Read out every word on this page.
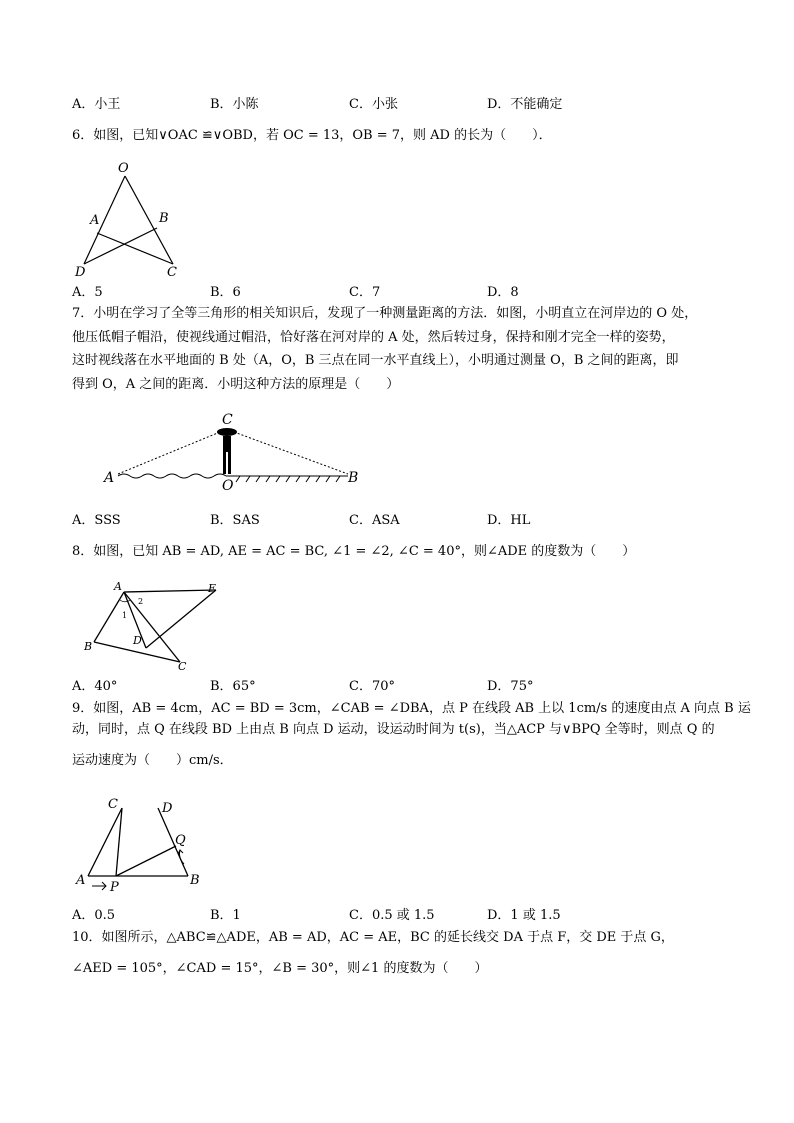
A．小王	B．小陈	C．小张	D．不能确定
6．如图，已知∨OAC ≌∨OBD，若 OC = 13，OB = 7，则 AD 的长为（　　）．
O
A	B
D	C
A．5	B．6	C．7	D．8
7．小明在学习了全等三角形的相关知识后，发现了一种测量距离的方法．如图，小明直立在河岸边的 O 处，
他压低帽子帽沿，使视线通过帽沿，恰好落在河对岸的 A 处，然后转过身，保持和刚才完全一样的姿势，
这时视线落在水平地面的 B 处（A，O，B 三点在同一水平直线上），小明通过测量 O，B 之间的距离，即
得到 O，A 之间的距离．小明这种方法的原理是（　　）
C
A	O	B
A．SSS	B．SAS	C．ASA	D．HL
8．如图，已知 AB = AD, AE = AC = BC, ∠1 = ∠2, ∠C = 40°，则∠ADE 的度数为（　　）
A	E
2
1
D
B
C
A．40°	B．65°	C．70°	D．75°
9．如图，AB = 4cm，AC = BD = 3cm，∠CAB = ∠DBA，点 P 在线段 AB 上以 1cm/s 的速度由点 A 向点 B 运
动，同时，点 Q 在线段 BD 上由点 B 向点 D 运动，设运动时间为 t(s)，当△ACP 与∨BPQ 全等时，则点 Q 的
运动速度为（　　）cm/s．
C	D
Q
A P	B
A．0.5	B．1	C．0.5 或 1.5	D．1 或 1.5
10．如图所示，△ABC≌△ADE，AB = AD，AC = AE，BC 的延长线交 DA 于点 F，交 DE 于点 G，
∠AED = 105°，∠CAD = 15°，∠B = 30°，则∠1 的度数为（　　）
